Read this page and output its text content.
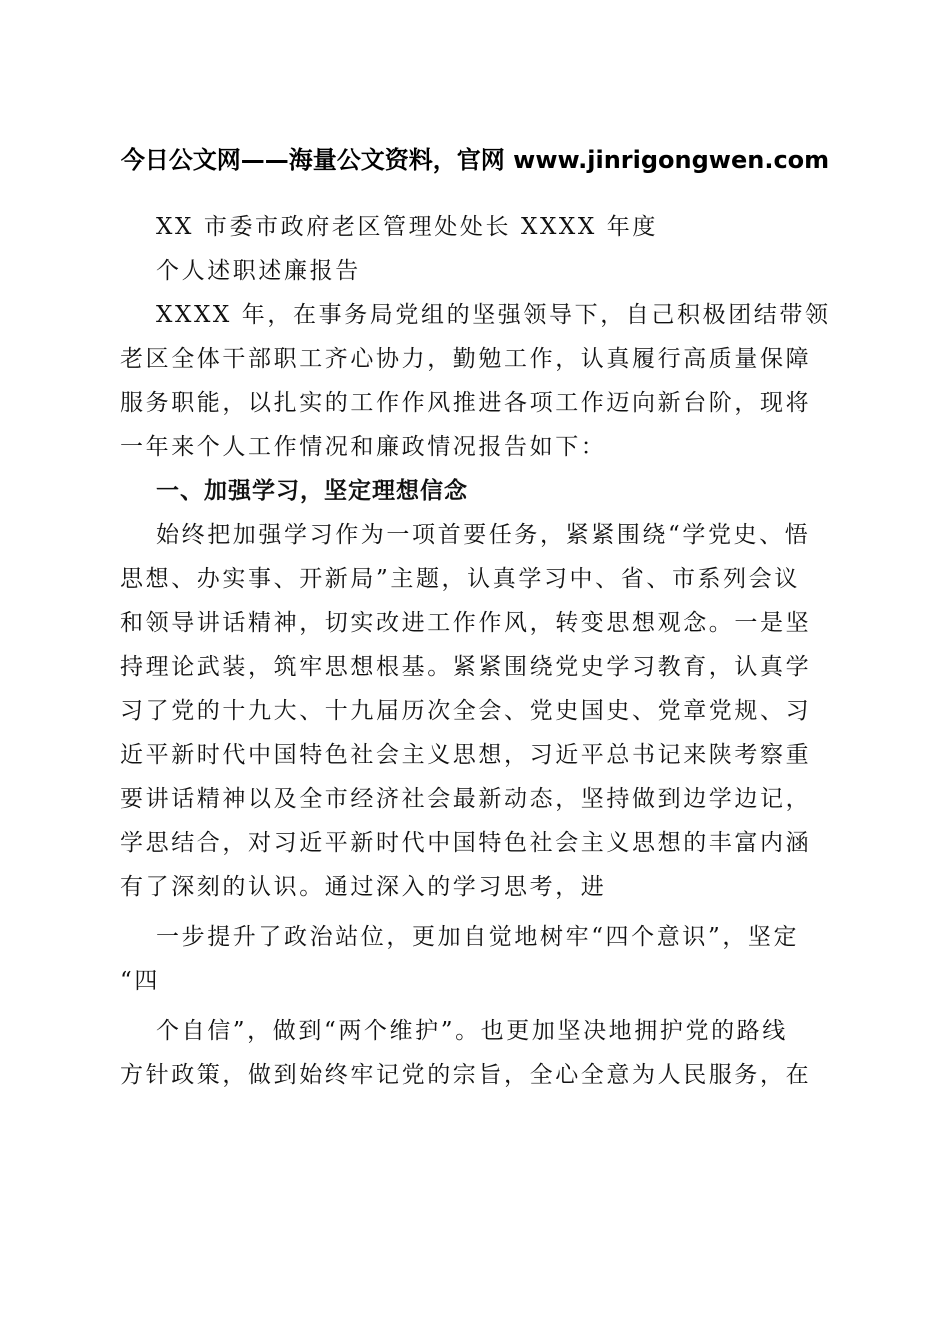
今日公文网——海量公文资料，官网 www.jinrigongwen.com
XX 市委市政府老区管理处处长 XXXX 年度
个人述职述廉报告
XXXX 年，在事务局党组的坚强领导下，自己积极团结带领
老区全体干部职工齐心协力，勤勉工作，认真履行高质量保障
服务职能，以扎实的工作作风推进各项工作迈向新台阶，现将
一年来个人工作情况和廉政情况报告如下：
一、加强学习，坚定理想信念
始终把加强学习作为一项首要任务，紧紧围绕“学党史、悟
思想、办实事、开新局”主题，认真学习中、省、市系列会议
和领导讲话精神，切实改进工作作风，转变思想观念。一是坚
持理论武装，筑牢思想根基。紧紧围绕党史学习教育，认真学
习了党的十九大、十九届历次全会、党史国史、党章党规、习
近平新时代中国特色社会主义思想，习近平总书记来陕考察重
要讲话精神以及全市经济社会最新动态，坚持做到边学边记，
学思结合，对习近平新时代中国特色社会主义思想的丰富内涵
有了深刻的认识。通过深入的学习思考，进
一步提升了政治站位，更加自觉地树牢“四个意识”，坚定
“四
个自信”，做到“两个维护”。也更加坚决地拥护党的路线
方针政策，做到始终牢记党的宗旨，全心全意为人民服务，在
